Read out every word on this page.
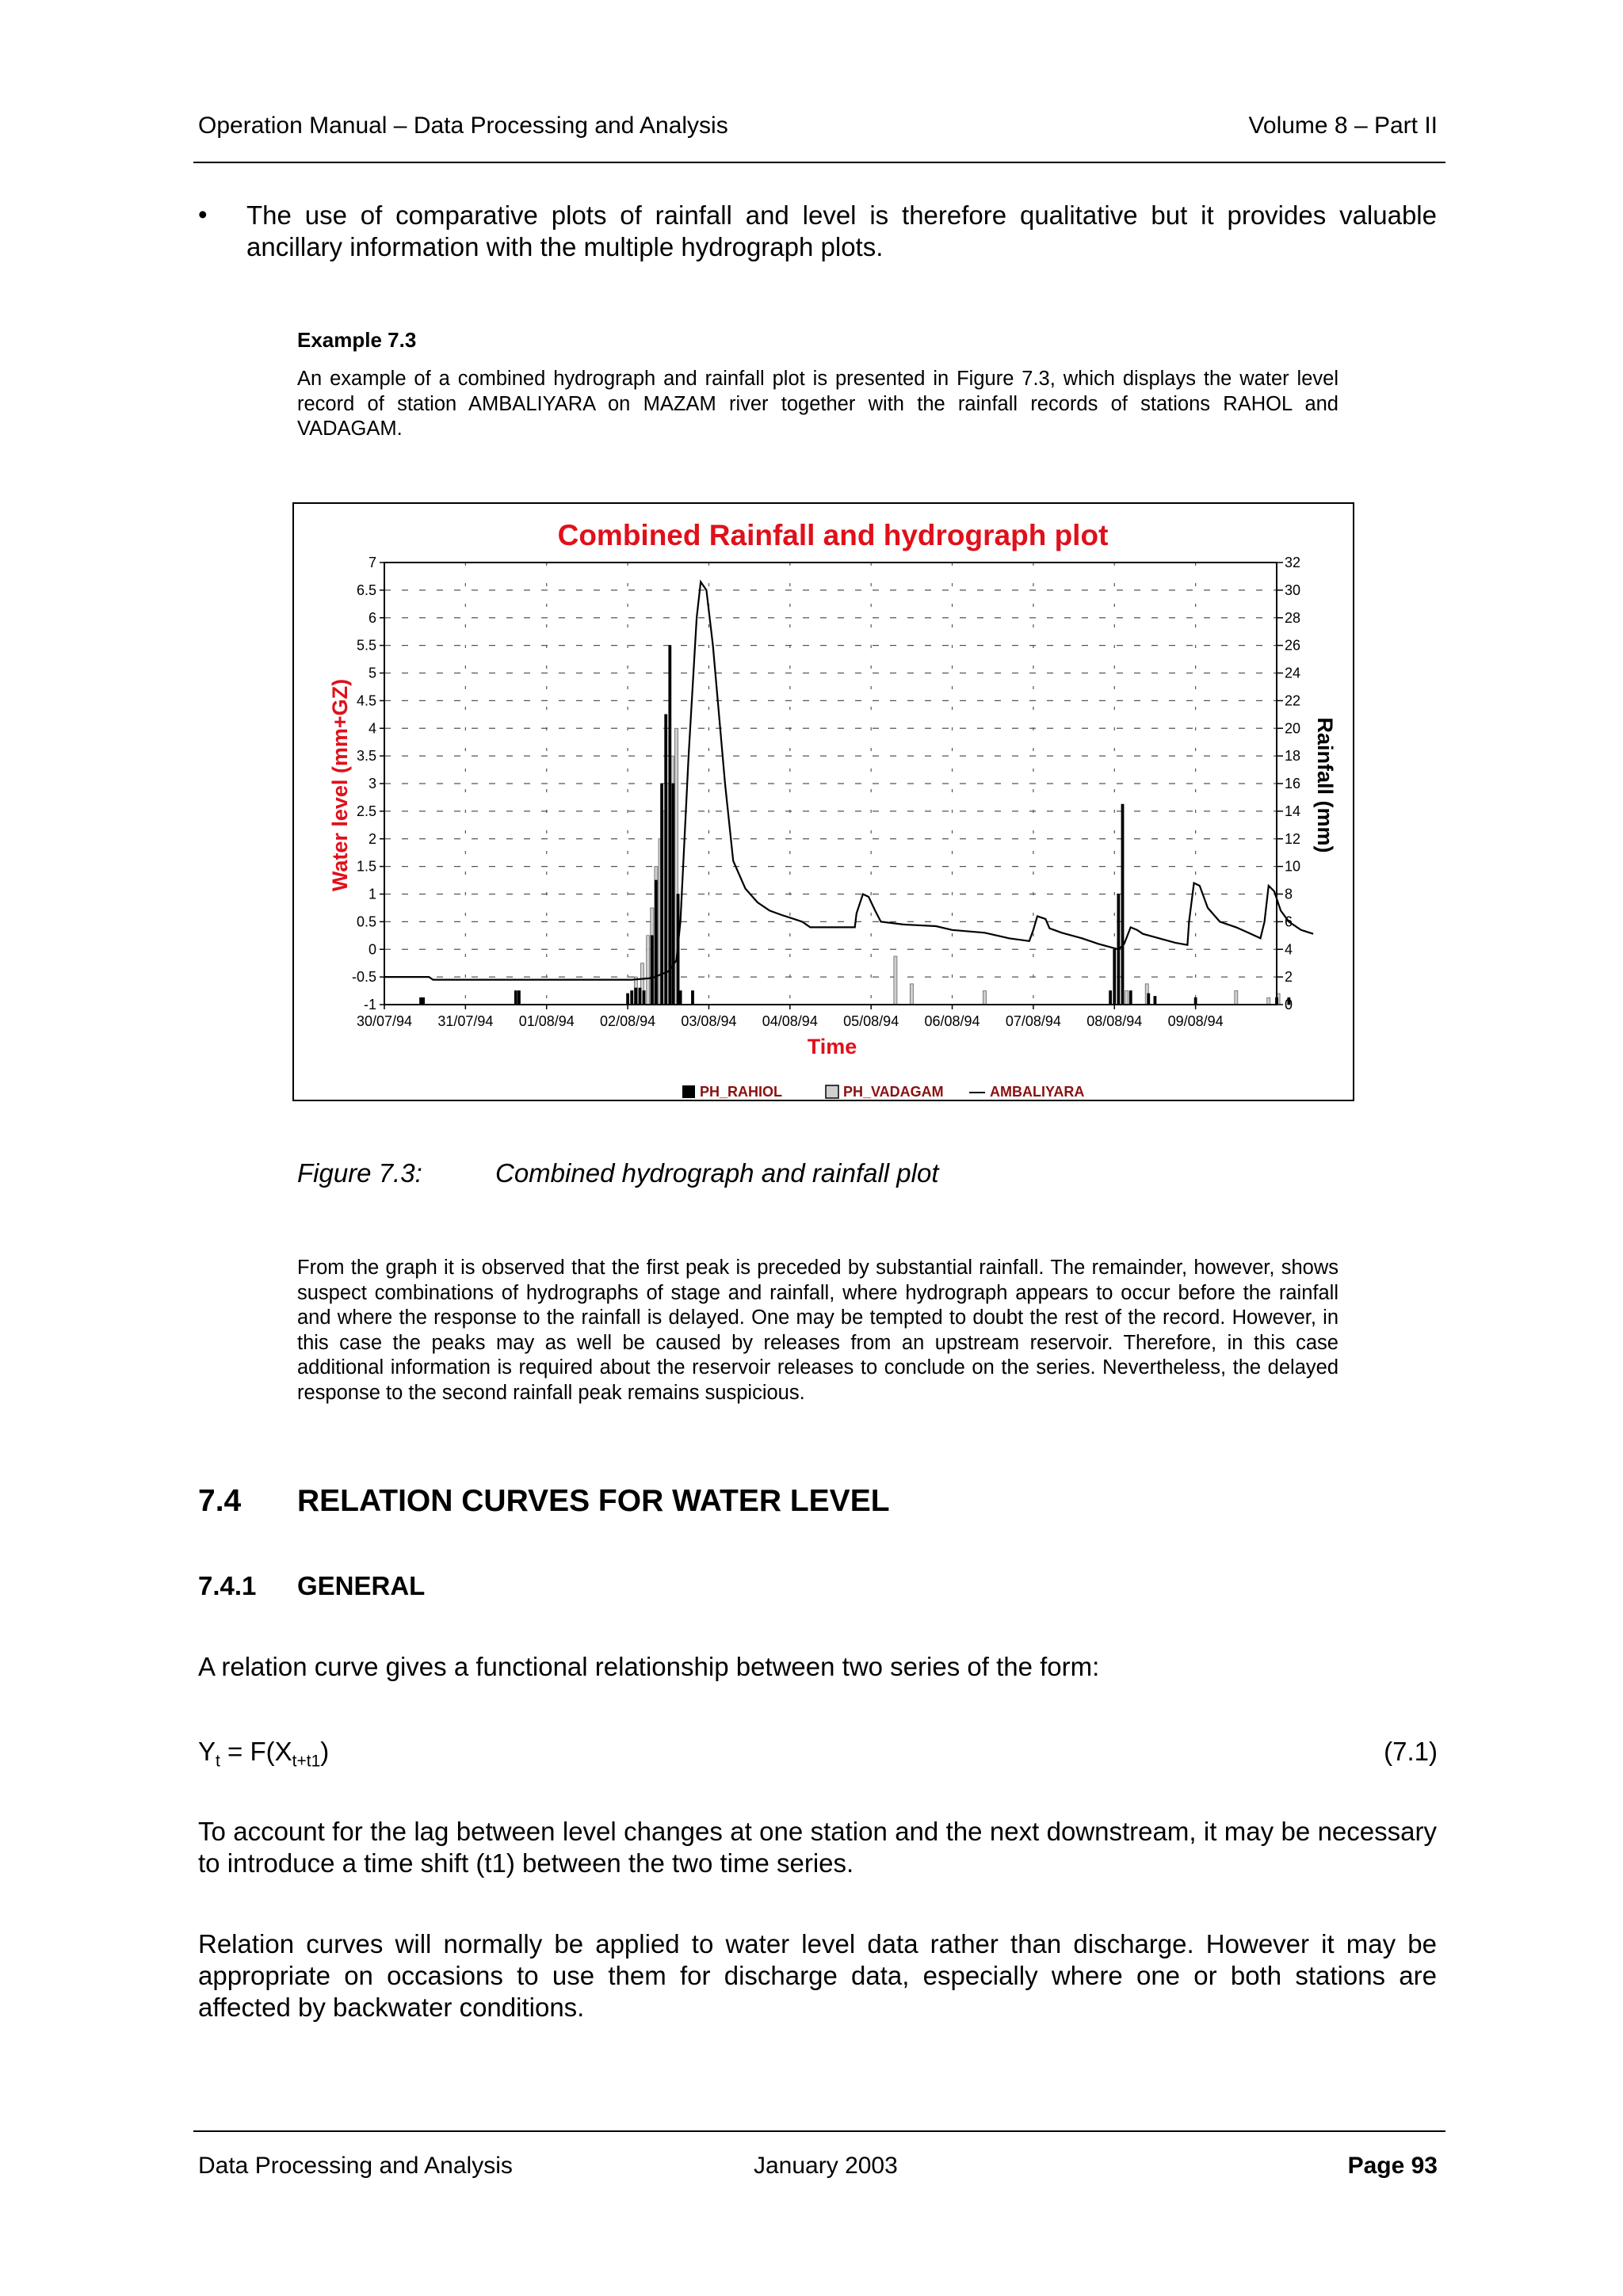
Operation Manual – Data Processing and Analysis	Volume 8 – Part II
• The use of comparative plots of rainfall and level is therefore qualitative but it provides valuable ancillary information with the multiple hydrograph plots.
Example 7.3
An example of a combined hydrograph and rainfall plot is presented in Figure 7.3, which displays the water level record of station AMBALIYARA on MAZAM river together with the rainfall records of stations RAHOL and VADAGAM.
Combined Rainfall and hydrograph plot
7
6.5
6
5.5
5
4.5
4
3.5
3
2.5
2
1.5
1
0.5
0
-0.5
-1
32
30
28
26
24
22
20
18
16
14
12
10
8
6
4
2
0
30/07/94 31/07/94 01/08/94 02/08/94 03/08/94 04/08/94 05/08/94 06/08/94 07/08/94 08/08/94 09/08/94
Time
Water level (mm+GZ)	Rainfall (mm)
PH_RAHIOL	PH_VADAGAM	AMBALIYARA
Figure 7.3:	Combined hydrograph and rainfall plot
From the graph it is observed that the first peak is preceded by substantial rainfall. The remainder, however, shows suspect combinations of hydrographs of stage and rainfall, where hydrograph appears to occur before the rainfall and where the response to the rainfall is delayed. One may be tempted to doubt the rest of the record. However, in this case the peaks may as well be caused by releases from an upstream reservoir. Therefore, in this case additional information is required about the reservoir releases to conclude on the series. Nevertheless, the delayed response to the second rainfall peak remains suspicious.
7.4 RELATION CURVES FOR WATER LEVEL
7.4.1 GENERAL
A relation curve gives a functional relationship between two series of the form:
$Y_t = F(X_{t+t1})$	(7.1)
To account for the lag between level changes at one station and the next downstream, it may be necessary to introduce a time shift (t1) between the two time series.
Relation curves will normally be applied to water level data rather than discharge. However it may be appropriate on occasions to use them for discharge data, especially where one or both stations are affected by backwater conditions.
Data Processing and Analysis	January 2003	Page 93
